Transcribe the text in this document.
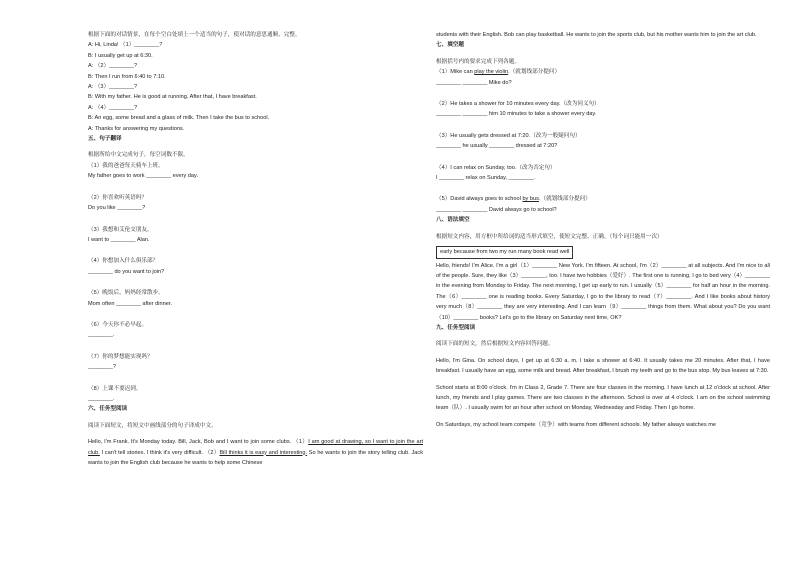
根据下面的对话情景，在每个空白处填上一个适当的句子，使对话的意思通顺、完整。
A: Hi, Linda! （1）________?
B: I usually get up at 6:30.
A: （2）________?
B: Then I run from 6:40 to 7:10.
A: （3）________?
B: With my father. He is good at running. After that, I have breakfast.
A: （4）________?
B: An egg, some bread and a glass of milk. Then I take the bus to school.
A: Thanks for answering my questions.
五、句子翻译
根据所给中文完成句子，每空词数不限。
（1）我的爸爸每天骑车上班。
My father goes to work ________ every day.
（2）你喜欢听英语吗？
Do you like ________?
（3）我想和艾伦交朋友。
I want to ________ Alan.
（4）你想加入什么俱乐部？
________ do you want to join?
（5）晚饭后，妈妈经常散步。
Mom often ________ after dinner.
（6）今天你不必早起。
________.
（7）你的梦想能实现吗？
________?
（8）上课不要迟到。
________.
六、任务型阅读
阅读下面短文，将短文中画线部分的句子译成中文。
Hello, I'm Frank. It's Monday today. Bill, Jack, Bob and I want to join some clubs. （1）I am good at drawing, so I want to join the art club. I can't tell stories. I think it's very difficult. （2）Bill thinks it is easy and interesting. So he wants to join the story telling club. Jack wants to join the English club because he wants to help some Chinese
students with their English. Bob can play basketball. He wants to join the sports club, but his mother wants him to join the art club.
七、填空题
根据括号内的要求完成下列各题。
（1）Mike can play the violin.（就划线部分提问）
________ ________ Mike do?
（2）He takes a shower for 10 minutes every day.（改为同义句）
________ ________ him 10 minutes to take a shower every day.
（3）He usually gets dressed at 7:20.（改为一般疑问句）
________ he usually ________ dressed at 7:20?
（4）I can relax on Sunday, too.（改为否定句）
I ________ relax on Sunday, ________.
（5）David always goes to school by bus.（就划线部分提问）
________ ________ David always go to school?
八、语法填空
根据短文内容，用方框中所给词的适当形式填空，使短文完整、正确。（每个词只能用一次）
early because from two my run many book read well
Hello, friends! I'm Alice. I'm a girl（1）________ New York. I'm fifteen. At school, I'm（2）________ at all subjects. And I'm nice to all of the people. Sure, they like（3）________, too. I have two hobbies（爱好）. The first one is running. I go to bed very（4）________ in the evening from Monday to Friday. The next morning, I get up early to run. I usually（5）________ for half an hour in the morning. The（6）________ one is reading books. Every Saturday, I go to the library to read（7）________. And I like books about history very much（8）________ they are very interesting. And I can learn（9）________ things from them. What about you? Do you want（10）________ books? Let's go to the library on Saturday next time, OK?
九、任务型阅读
阅读下面的短文，然后根据短文内容回答问题。
Hello, I'm Gina. On school days, I get up at 6:30 a. m. I take a shower at 6:40. It usually takes me 20 minutes. After that, I have breakfast. I usually have an egg, some milk and bread. After breakfast, I brush my teeth and go to the bus stop. My bus leaves at 7:30.
School starts at 8:00 o'clock. I'm in Class 2, Grade 7. There are four classes in the morning. I have lunch at 12 o'clock at school. After lunch, my friends and I play games. There are two classes in the afternoon. School is over at 4 o'clock. I am on the school swimming team（队）. I usually swim for an hour after school on Monday, Wednesday and Friday. Then I go home.
On Saturdays, my school team compete（竞争）with teams from different schools. My father always watches me
